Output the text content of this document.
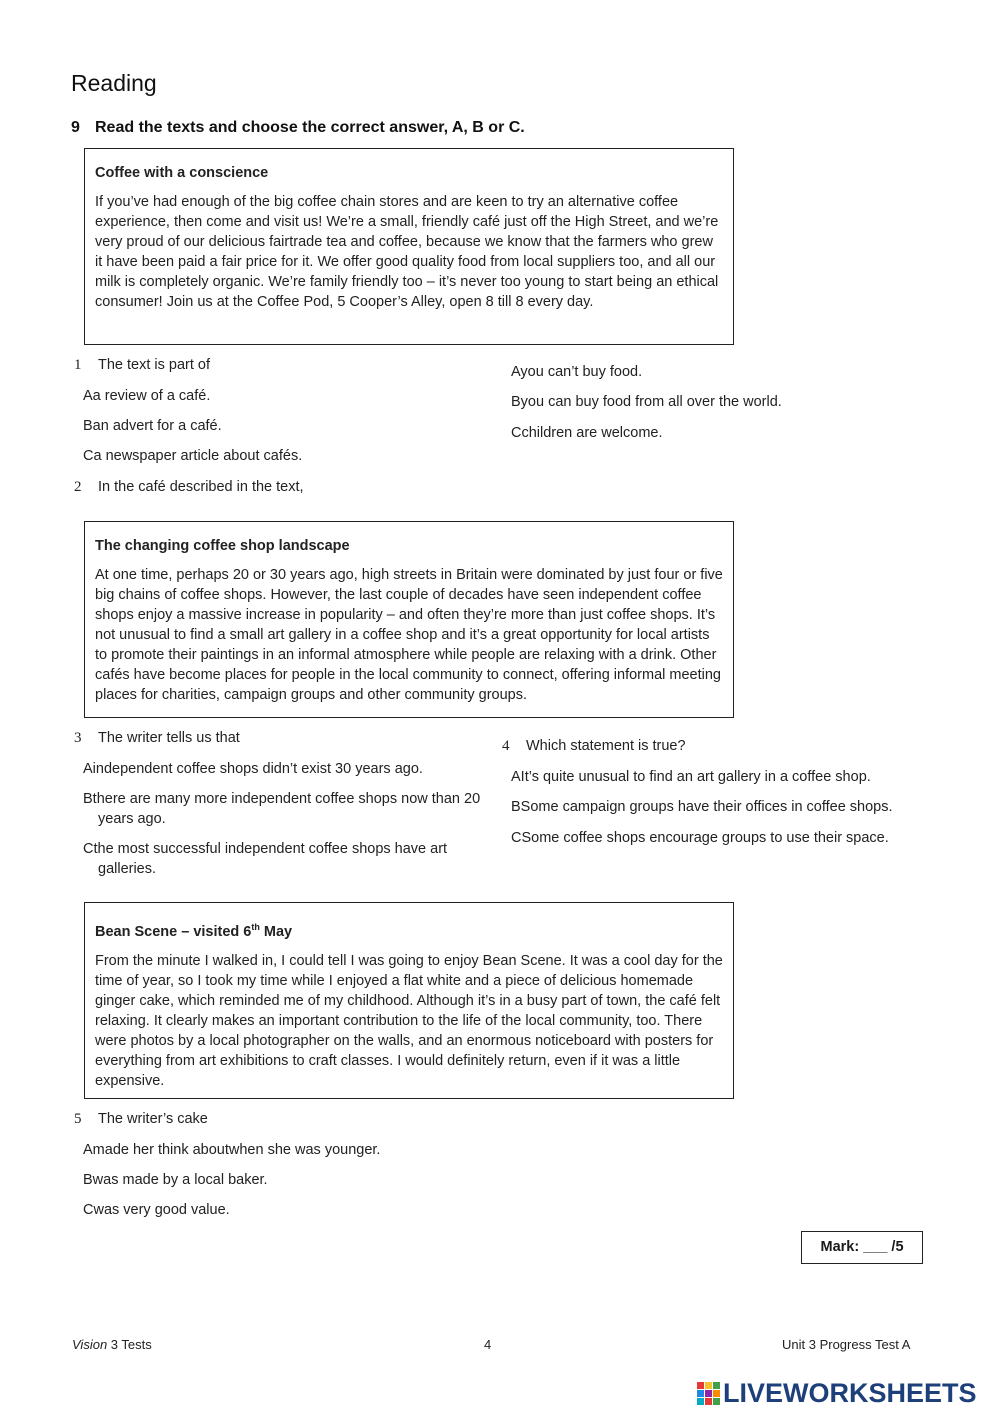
Reading
9 Read the texts and choose the correct answer, A, B or C.
Coffee with a conscience

If you’ve had enough of the big coffee chain stores and are keen to try an alternative coffee experience, then come and visit us! We’re a small, friendly café just off the High Street, and we’re very proud of our delicious fairtrade tea and coffee, because we know that the farmers who grew it have been paid a fair price for it. We offer good quality food from local suppliers too, and all our milk is completely organic. We’re family friendly too – it’s never too young to start being an ethical consumer! Join us at the Coffee Pod, 5 Cooper’s Alley, open 8 till 8 every day.

1 The text is part of
Aa review of a café.
Ban advert for a café.
Ca newspaper article about cafés.
2 In the café described in the text,
Ayou can’t buy food.
Byou can buy food from all over the world.
Cchildren are welcome.
The changing coffee shop landscape

At one time, perhaps 20 or 30 years ago, high streets in Britain were dominated by just four or five big chains of coffee shops. However, the last couple of decades have seen independent coffee shops enjoy a massive increase in popularity – and often they’re more than just coffee shops. It’s not unusual to find a small art gallery in a coffee shop and it’s a great opportunity for local artists to promote their paintings in an informal atmosphere while people are relaxing with a drink. Other cafés have become places for people in the local community to connect, offering informal meeting places for charities, campaign groups and other community groups.

3 The writer tells us that
Aindependent coffee shops didn’t exist 30 years ago.
Bthere are many more independent coffee shops now than 20 years ago.
Cthe most successful independent coffee shops have art galleries.
4 Which statement is true?
AIt’s quite unusual to find an art gallery in a coffee shop.
BSome campaign groups have their offices in coffee shops.
CSome coffee shops encourage groups to use their space.
Bean Scene – visited 6th May

From the minute I walked in, I could tell I was going to enjoy Bean Scene. It was a cool day for the time of year, so I took my time while I enjoyed a flat white and a piece of delicious homemade ginger cake, which reminded me of my childhood. Although it’s in a busy part of town, the café felt relaxing. It clearly makes an important contribution to the life of the local community, too. There were photos by a local photographer on the walls, and an enormous noticeboard with posters for everything from art exhibitions to craft classes. I would definitely return, even if it was a little expensive.

5 The writer’s cake
Amade her think aboutwhen she was younger.
Bwas made by a local baker.
Cwas very good value.
Mark: ___ /5
Vision 3 Tests	4	Unit 3 Progress Test A
LIVEWORKSHEETS
